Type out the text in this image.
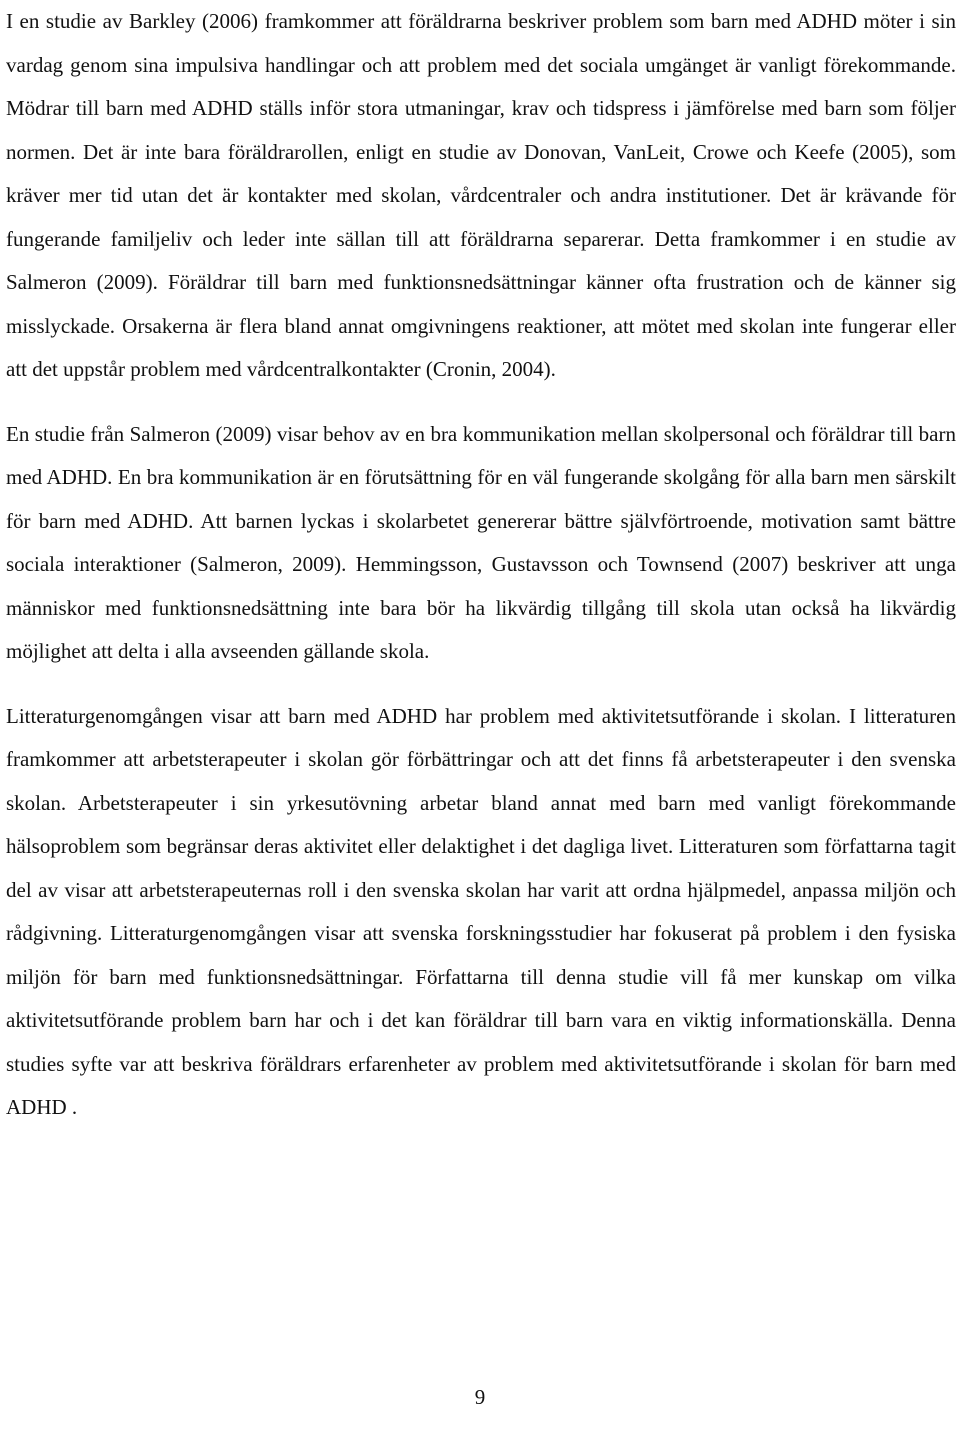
I en studie av Barkley (2006) framkommer att föräldrarna beskriver problem som barn med ADHD möter i sin vardag genom sina impulsiva handlingar och att problem med det sociala umgänget är vanligt förekommande. Mödrar till barn med ADHD ställs inför stora utmaningar, krav och tidspress i jämförelse med barn som följer normen. Det är inte bara föräldrarollen, enligt en studie av Donovan, VanLeit, Crowe och Keefe (2005), som kräver mer tid utan det är kontakter med skolan, vårdcentraler och andra institutioner. Det är krävande för fungerande familjeliv och leder inte sällan till att föräldrarna separerar. Detta framkommer i en studie av Salmeron (2009). Föräldrar till barn med funktionsnedsättningar känner ofta frustration och de känner sig misslyckade. Orsakerna är flera bland annat omgivningens reaktioner, att mötet med skolan inte fungerar eller att det uppstår problem med vårdcentralkontakter (Cronin, 2004).

En studie från Salmeron (2009) visar behov av en bra kommunikation mellan skolpersonal och föräldrar till barn med ADHD. En bra kommunikation är en förutsättning för en väl fungerande skolgång för alla barn men särskilt för barn med ADHD. Att barnen lyckas i skolarbetet genererar bättre självförtroende, motivation samt bättre sociala interaktioner (Salmeron, 2009). Hemmingsson, Gustavsson och Townsend (2007) beskriver att unga människor med funktionsnedsättning inte bara bör ha likvärdig tillgång till skola utan också ha likvärdig möjlighet att delta i alla avseenden gällande skola.

Litteraturgenomgången visar att barn med ADHD har problem med aktivitetsutförande i skolan. I litteraturen framkommer att arbetsterapeuter i skolan gör förbättringar och att det finns få arbetsterapeuter i den svenska skolan. Arbetsterapeuter i sin yrkesutövning arbetar bland annat med barn med vanligt förekommande hälsoproblem som begränsar deras aktivitet eller delaktighet i det dagliga livet. Litteraturen som författarna tagit del av visar att arbetsterapeuternas roll i den svenska skolan har varit att ordna hjälpmedel, anpassa miljön och rådgivning. Litteraturgenomgången visar att svenska forskningsstudier har fokuserat på problem i den fysiska miljön för barn med funktionsnedsättningar. Författarna till denna studie vill få mer kunskap om vilka aktivitetsutförande problem barn har och i det kan föräldrar till barn vara en viktig informationskälla. Denna studies syfte var att beskriva föräldrars erfarenheter av problem med aktivitetsutförande i skolan för barn med ADHD .

9
